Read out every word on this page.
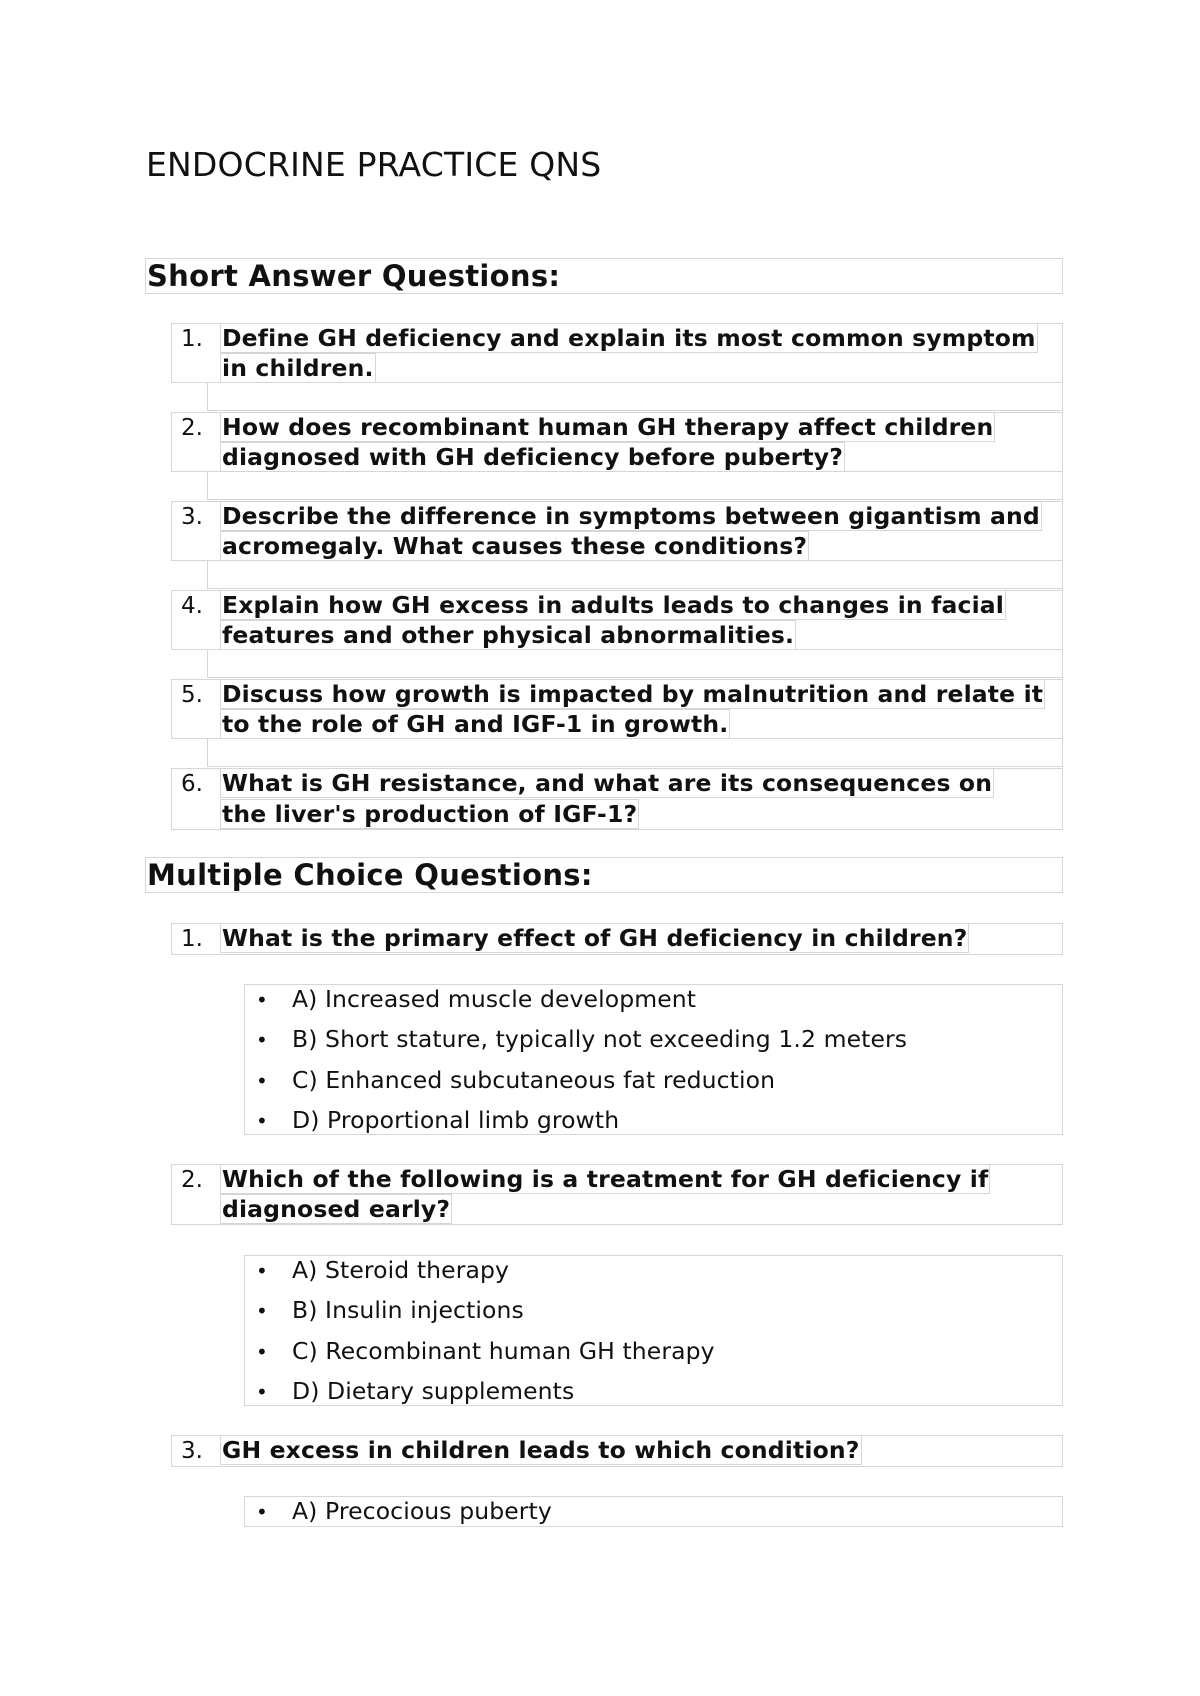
ENDOCRINE PRACTICE QNS
Short Answer Questions:
1. Define GH deficiency and explain its most common symptom
in children.
2. How does recombinant human GH therapy affect children
diagnosed with GH deficiency before puberty?
3. Describe the difference in symptoms between gigantism and
acromegaly. What causes these conditions?
4. Explain how GH excess in adults leads to changes in facial
features and other physical abnormalities.
5. Discuss how growth is impacted by malnutrition and relate it
to the role of GH and IGF-1 in growth.
6. What is GH resistance, and what are its consequences on
the liver's production of IGF-1?
Multiple Choice Questions:
1. What is the primary effect of GH deficiency in children?
• A) Increased muscle development
• B) Short stature, typically not exceeding 1.2 meters
• C) Enhanced subcutaneous fat reduction
• D) Proportional limb growth
2. Which of the following is a treatment for GH deficiency if
diagnosed early?
• A) Steroid therapy
• B) Insulin injections
• C) Recombinant human GH therapy
• D) Dietary supplements
3. GH excess in children leads to which condition?
• A) Precocious puberty
